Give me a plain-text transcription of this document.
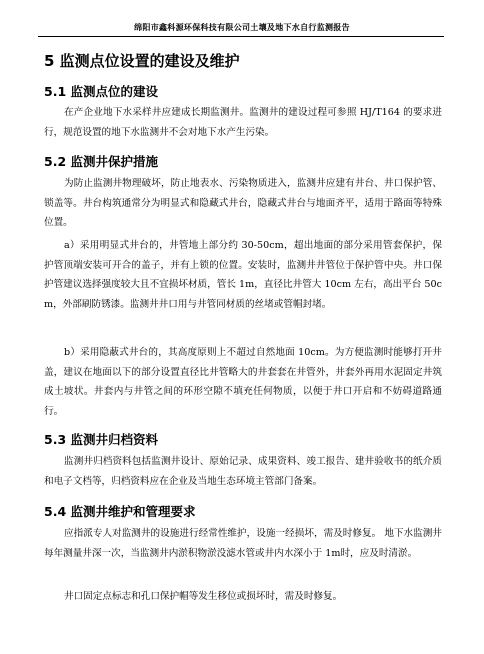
绵阳市鑫科源环保科技有限公司土壤及地下水自行监测报告
5 监测点位设置的建设及维护
5.1 监测点位的建设

在产企业地下水采样井应建成长期监测井。监测井的建设过程可参照 HJ/T164 的要求进行，规范设置的地下水监测井不会对地下水产生污染。

5.2 监测井保护措施

为防止监测井物理破坏，防止地表水、污染物质进入，监测井应建有井台、井口保护管、锁盖等。井台构筑通常分为明显式和隐藏式井台，隐藏式井台与地面齐平，适用于路面等特殊位置。

a）采用明显式井台的，井管地上部分约 30-50cm，超出地面的部分采用管套保护，保 护管顶端安装可开合的盖子，并有上锁的位置。安装时，监测井井管位于保护管中央。井口保护管建议选择强度较大且不宜损坏材质，管长 1m，直径比井管大 10cm 左右，高出平台 50cm，外部刷防锈漆。监测井井口用与井管同材质的丝堵或管帽封堵。

b）采用隐蔽式井台的，其高度原则上不超过自然地面 10cm。为方便监测时能够打开井 盖，建议在地面以下的部分设置直径比井管略大的井套套在井管外，井套外再用水泥固定井筑成土坡状。井套内与井管之间的环形空隙不填充任何物质，以便于井口开启和不妨碍道路通行。

5.3 监测井归档资料

监测井归档资料包括监测井设计、原始记录、成果资料、竣工报告、建井验收书的纸介质和电子文档等，归档资料应在企业及当地生态环境主管部门备案。

5.4 监测井维护和管理要求

应指派专人对监测井的设施进行经常性维护，设施一经损坏，需及时修复。 地下水监测井每年测量井深一次，当监测井内淤积物淤没滤水管或井内水深小于 1m时，应及时清淤。

井口固定点标志和孔口保护帽等发生移位或损坏时，需及时修复。
